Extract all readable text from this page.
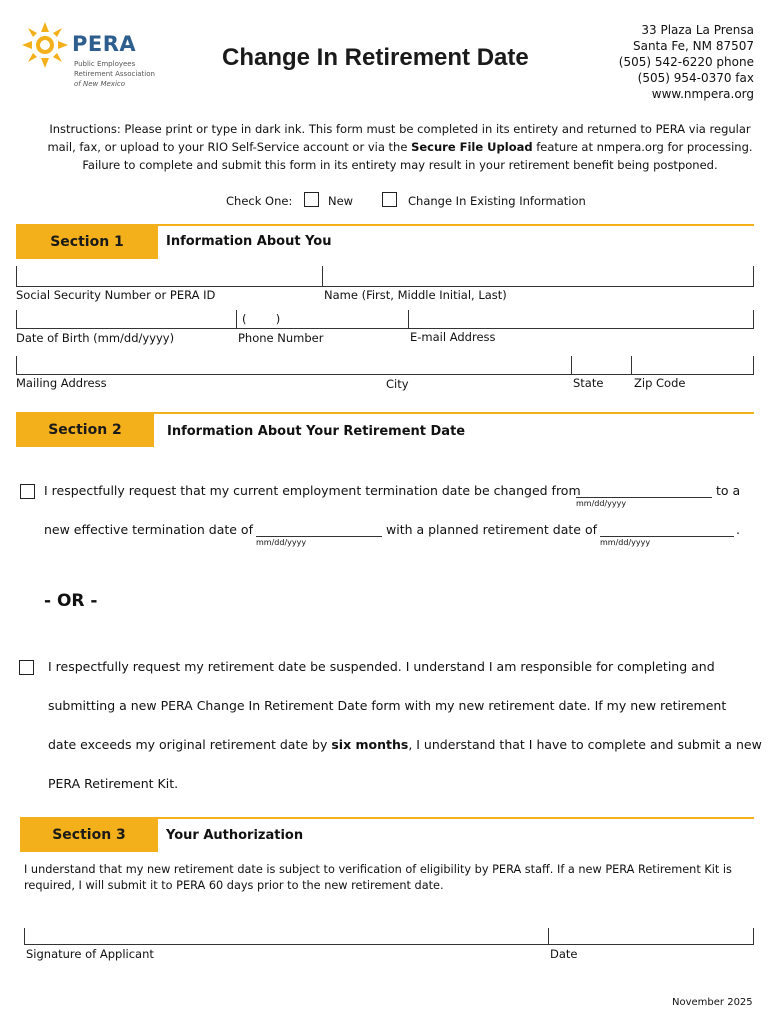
PERA
Public Employees
Retirement Association
of New Mexico
Change In Retirement Date
33 Plaza La Prensa
Santa Fe, NM 87507
(505) 542-6220 phone
(505) 954-0370 fax
www.nmpera.org
Instructions: Please print or type in dark ink. This form must be completed in its entirety and returned to PERA via regular mail, fax, or upload to your RIO Self-Service account or via the Secure File Upload feature at nmpera.org for processing.
Failure to complete and submit this form in its entirety may result in your retirement benefit being postponed.
Check One:	New	Change In Existing Information
Section 1	Information About You
Social Security Number or PERA ID	Name (First, Middle Initial, Last)
(        )
Date of Birth (mm/dd/yyyy)	Phone Number	E-mail Address
Mailing Address	City	State	Zip Code
Section 2	Information About Your Retirement Date
I respectfully request that my current employment termination date be changed from
mm/dd/yyyy
to a
new effective termination date of
mm/dd/yyyy
with a planned retirement date of
mm/dd/yyyy
.
- OR -
I respectfully request my retirement date be suspended. I understand I am responsible for completing and
submitting a new PERA Change In Retirement Date form with my new retirement date. If my new retirement
date exceeds my original retirement date by six months, I understand that I have to complete and submit a new
PERA Retirement Kit.
Section 3	Your Authorization
I understand that my new retirement date is subject to verification of eligibility by PERA staff. If a new PERA Retirement Kit is
required, I will submit it to PERA 60 days prior to the new retirement date.
Signature of Applicant	Date
November 2025
